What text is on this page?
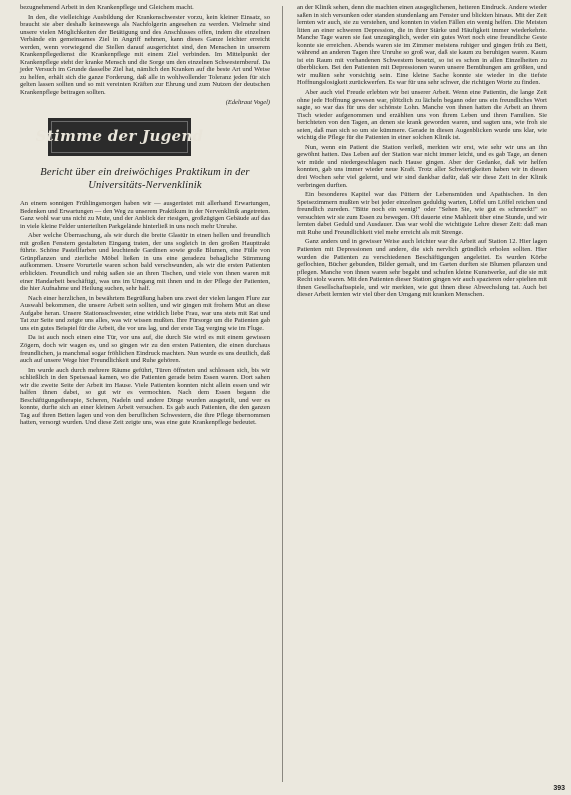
bezugnehmend Arbeit in den Krankenpflege und Gleichem macht.

In den, die vielleichige Ausbildung der Krankenschwester vorzu, kein kleiner Einsatz, so braucht sie aber deshalb keineswegs als Nachfolgerin angesehen zu werden. Vielmehr sind unsere vielen Möglichkeiten der Betätigung und des Anschlusses offen, indem die einzelnen Verbände ein gemeinsames Ziel in Angriff nehmen, kann dieses Ganze leichter erreicht werden, wenn vorwiegend die Stellen darauf ausgerichtet sind, den Menschen in unserem Krankenpflegedienst die Krankenpflege mit einem Ziel verbinden. Im Mittelpunkt der Krankenpflege steht der kranke Mensch und die Sorge um den einzelnen Schwesternberuf. Da jeder Versuch im Grunde dasselbe Ziel hat, nämlich den Kranken auf die beste Art und Weise zu helfen, erhält sich die ganze Forderung, daß alle in wohlwollender Toleranz jeden für sich gelten lassen sollten und so mit vereinten Kräften zur Ehrung und zum Nutzen der deutschen Krankenpflege beitragen sollten.

(Edeltraut Vogel)
Stimme der Jugend
Bericht über ein dreiwöchiges Praktikum in der Universitäts-Nervenklinik

An einem sonnigen Frühlingsmorgen haben wir — ausgerüstet mit allerhand Erwartungen, Bedenken und Erwartungen — den Weg zu unserem Praktikum in der Nervenklinik angetreten. Ganz wohl war uns nicht zu Mute, und der Anblick der riesigen, großzügigen Gebäude auf das in viele kleine Felder unterteilten Parkgelände hinterließ in uns noch mehr Unruhe.

Aber welche Überraschung, als wir durch die breite Glastür in einen hellen und freundlich mit großen Fenstern gestalteten Eingang traten, der uns sogleich in den großen Haupttrakt führte. Schöne Pastellfarben und leuchtende Gardinen sowie große Blumen, eine Fülle von Grünpflanzen und zierliche Möbel ließen in uns eine geradezu behagliche Stimmung aufkommen. Unsere Vorurteile waren schon bald verschwunden, als wir die ersten Patienten erblickten. Freundlich und ruhig saßen sie an ihren Tischen, und viele von ihnen waren mit einer Handarbeit beschäftigt, was uns im Umgang mit ihnen und in der Pflege der Patienten, die hier Aufnahme und Heilung suchen, sehr half.

Nach einer herzlichen, in bewährtem Begrüßung haben uns zwei der vielen langen Flure zur Auswahl bekommen, die unsere Arbeit sein sollten, und wir gingen mit frohem Mut an diese Aufgabe heran. Unsere Stationsschwester, eine wirklich liebe Frau, war uns stets mit Rat und Tat zur Seite und zeigte uns alles, was wir wissen mußten. Ihre Fürsorge um die Patienten gab uns ein gutes Beispiel für die Arbeit, die vor uns lag, und der erste Tag verging wie im Fluge.

Da ist auch noch einen eine Tür, vor uns auf, die durch Sie wird es mit einem gewissen Zögern, doch wir wagen es, und so gingen wir zu den ersten Patienten, die einen durchaus freundlichen, ja manchmal sogar fröhlichen Eindruck machten. Nun wurde es uns deutlich, daß auch auf unsere Wege hier Freundlichkeit und Ruhe gehören.

Im wurde auch durch mehrere Räume geführt, Türen öffneten und schlossen sich, bis wir schließlich in den Speisesaal kamen, wo die Patienten gerade beim Essen waren. Dort sahen wir die zweite Seite der Arbeit im Hause. Viele Patienten konnten nicht allein essen und wir halfen ihnen dabei, so gut wir es vermochten. Nach dem Essen begann die Beschäftigungstherapie, Scheren, Nadeln und andere Dinge wurden ausgeteilt, und wer es konnte, durfte sich an einer kleinen Arbeit versuchen. Es gab auch Patienten, die den ganzen Tag auf ihren Betten lagen und von den beruflichen Schwestern, die ihre Pflege übernommen hatten, versorgt wurden. Und diese Zeit zeigte uns, was eine gute Krankenpflege bedeutet.

an der Klinik sehen, denn die machten einen ausgeglichenen, heiteren Eindruck. Andere wieder saßen in sich versunken oder standen stundenlang am Fenster und blickten hinaus. Mit der Zeit lernten wir auch, sie zu verstehen, und konnten in vielen Fällen ein wenig helfen. Die Meisten litten an einer schweren Depression, die in ihrer Stärke und Häufigkeit immer wiederkehrte. Manche Tage waren sie fast unzugänglich, weder ein gutes Wort noch eine freundliche Geste konnte sie erreichen. Abends waren sie im Zimmer meistens ruhiger und gingen früh zu Bett, während an anderen Tagen ihre Unruhe so groß war, daß sie kaum zu beruhigen waren. Kaum ist ein Raum mit vorhandenen Schwestern besetzt, so ist es schon in allen Einzelheiten zu überblicken. Bei den Patienten mit Depressionen waren unsere Bemühungen am größten, und wir mußten sehr vorsichtig sein. Eine kleine Sache konnte sie wieder in die tiefste Hoffnungslosigkeit zurückwerfen. Es war für uns sehr schwer, die richtigen Worte zu finden.

Aber auch viel Freude erlebten wir bei unserer Arbeit. Wenn eine Patientin, die lange Zeit ohne jede Hoffnung gewesen war, plötzlich zu lächeln begann oder uns ein freundliches Wort sagte, so war das für uns der schönste Lohn. Manche von ihnen hatten die Arbeit an ihrem Tisch wieder aufgenommen und erzählten uns von ihrem Leben und ihren Familien. Sie berichteten von den Tagen, an denen sie krank geworden waren, und sagten uns, wie froh sie seien, daß man sich so um sie kümmere. Gerade in diesen Augenblicken wurde uns klar, wie wichtig die Pflege für die Patienten in einer solchen Klinik ist.

Nun, wenn ein Patient die Station verließ, merkten wir erst, wie sehr wir uns an ihn gewöhnt hatten. Das Leben auf der Station war nicht immer leicht, und es gab Tage, an denen wir müde und niedergeschlagen nach Hause gingen. Aber der Gedanke, daß wir helfen konnten, gab uns immer wieder neue Kraft. Trotz aller Schwierigkeiten haben wir in diesen drei Wochen sehr viel gelernt, und wir sind dankbar dafür, daß wir diese Zeit in der Klinik verbringen durften.

Ein besonderes Kapitel war das Füttern der Lebensmüden und Apathischen. In den Speisezimmern mußten wir bei jeder einzelnen geduldig warten, Löffel um Löffel reichen und freundlich zureden. "Bitte noch ein wenig!" oder "Sehen Sie, wie gut es schmeckt!" so versuchten wir sie zum Essen zu bewegen. Oft dauerte eine Mahlzeit über eine Stunde, und wir lernten dabei Geduld und Ausdauer. Das war wohl die wichtigste Lehre dieser Zeit: daß man mit Ruhe und Freundlichkeit viel mehr erreicht als mit Strenge.

Ganz anders und in gewisser Weise auch leichter war die Arbeit auf Station 12. Hier lagen Patienten mit Depressionen und andere, die sich nervlich gründlich erholen sollten. Hier wurden die Patienten zu verschiedenen Beschäftigungen angeleitet. Es wurden Körbe geflochten, Bücher gebunden, Bilder gemalt, und im Garten durften sie Blumen pflanzen und pflegen. Manche von ihnen waren sehr begabt und schufen kleine Kunstwerke, auf die sie mit Recht stolz waren. Mit den Patienten dieser Station gingen wir auch spazieren oder spielten mit ihnen Gesellschaftsspiele, und wir merkten, wie gut ihnen diese Abwechslung tat. Auch bei dieser Arbeit lernten wir viel über den Umgang mit kranken Menschen.

393
